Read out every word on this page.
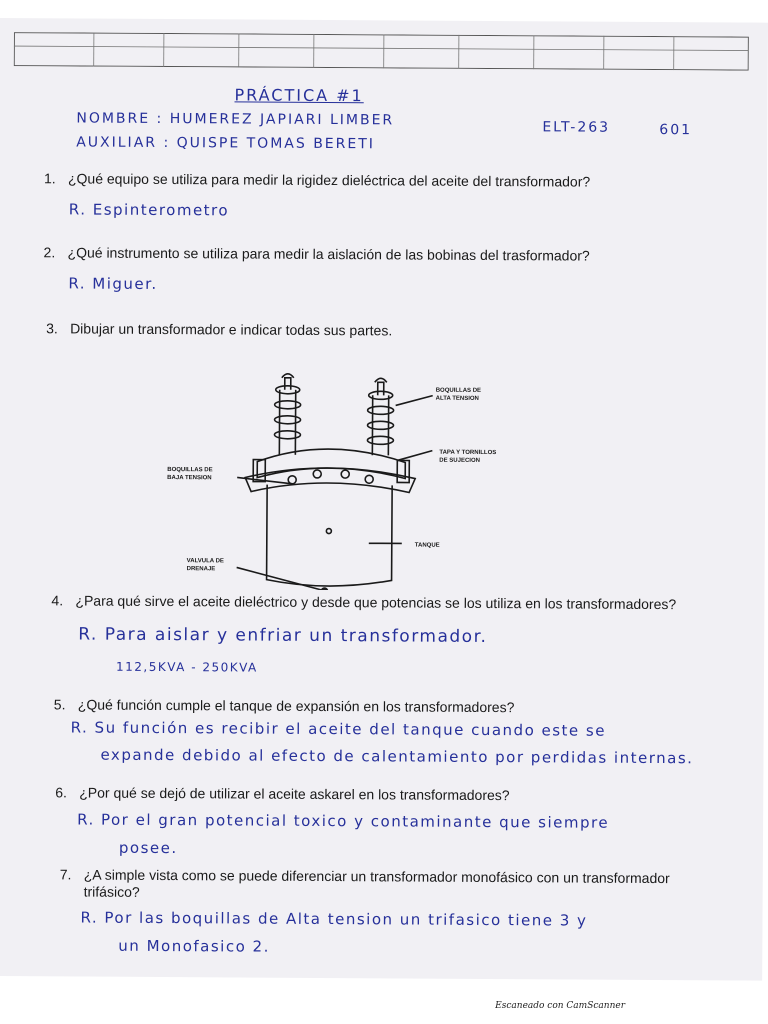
PRÁCTICA #1
NOMBRE : HUMEREZ JAPIARI LIMBER
AUXILIAR : QUISPE TOMAS BERETI
ELT-263	601
1. ¿Qué equipo se utiliza para medir la rigidez dieléctrica del aceite del transformador?
R. Espinterometro
2. ¿Qué instrumento se utiliza para medir la aislación de las bobinas del trasformador?
R. Miguer.
3. Dibujar un transformador e indicar todas sus partes.
BOQUILLAS DE
ALTA TENSION
TAPA Y TORNILLOS
DE SUJECION
BOQUILLAS DE
BAJA TENSION
TANQUE
VALVULA DE
DRENAJE
4. ¿Para qué sirve el aceite dieléctrico y desde que potencias se los utiliza en los transformadores?
R. Para aislar y enfriar un transformador.
112,5KVA - 250KVA
5. ¿Qué función cumple el tanque de expansión en los transformadores?
R. Su función es recibir el aceite del tanque cuando este se
expande debido al efecto de calentamiento por perdidas internas.
6. ¿Por qué se dejó de utilizar el aceite askarel en los transformadores?
R. Por el gran potencial toxico y contaminante que siempre
posee.
7. ¿A simple vista como se puede diferenciar un transformador monofásico con un transformador
trifásico?
R. Por las boquillas de Alta tension un trifasico tiene 3 y
un Monofasico 2.
Escaneado con CamScanner
